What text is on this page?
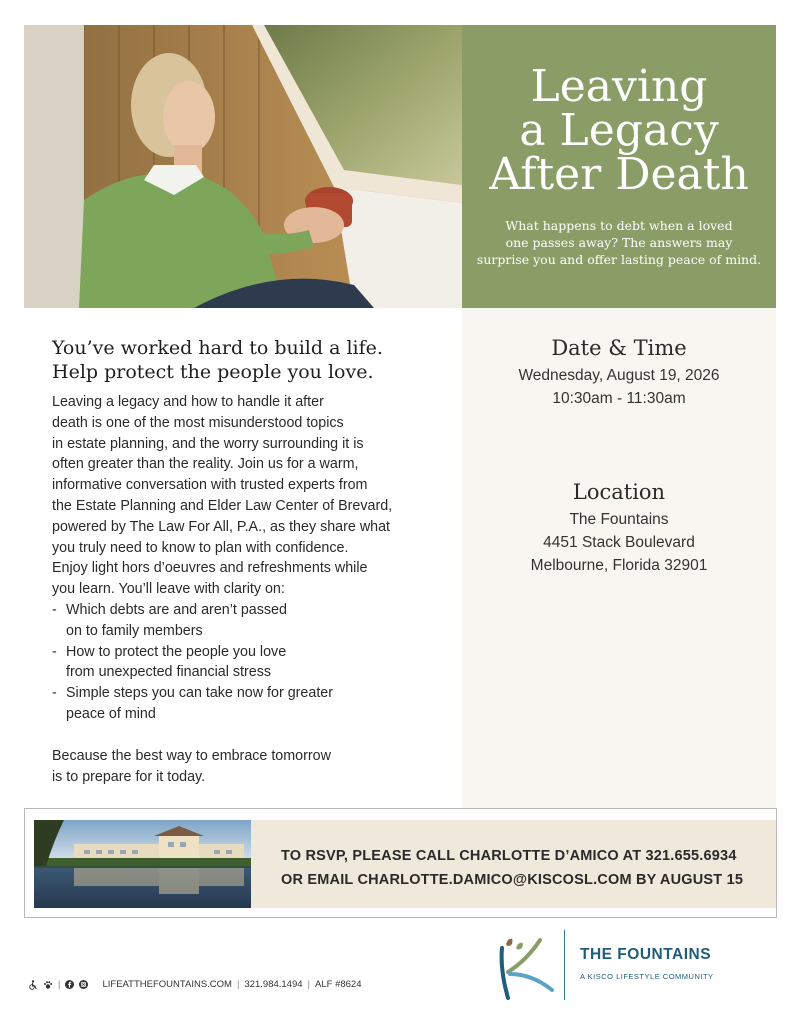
Leaving
a Legacy
After Death
What happens to debt when a loved
one passes away? The answers may
surprise you and offer lasting peace of mind.
You’ve worked hard to build a life.
Help protect the people you love.
Leaving a legacy and how to handle it after
death is one of the most misunderstood topics
in estate planning, and the worry surrounding it is
often greater than the reality. Join us for a warm,
informative conversation with trusted experts from
the Estate Planning and Elder Law Center of Brevard,
powered by The Law For All, P.A., as they share what
you truly need to know to plan with confidence.
Enjoy light hors d’oeuvres and refreshments while
you learn. You’ll leave with clarity on:
- Which debts are and aren’t passed
on to family members
- How to protect the people you love
from unexpected financial stress
- Simple steps you can take now for greater
peace of mind
Because the best way to embrace tomorrow
is to prepare for it today.
Date & Time
Wednesday, August 19, 2026
10:30am - 11:30am
Location
The Fountains
4451 Stack Boulevard
Melbourne, Florida 32901
TO RSVP, PLEASE CALL CHARLOTTE D’AMICO AT 321.655.6934
OR EMAIL CHARLOTTE.DAMICO@KISCOSL.COM BY AUGUST 15
|	LIFEATTHEFOUNTAINS.COM | 321.984.1494 | ALF #8624
THE FOUNTAINS
A KISCO LIFESTYLE COMMUNITY
